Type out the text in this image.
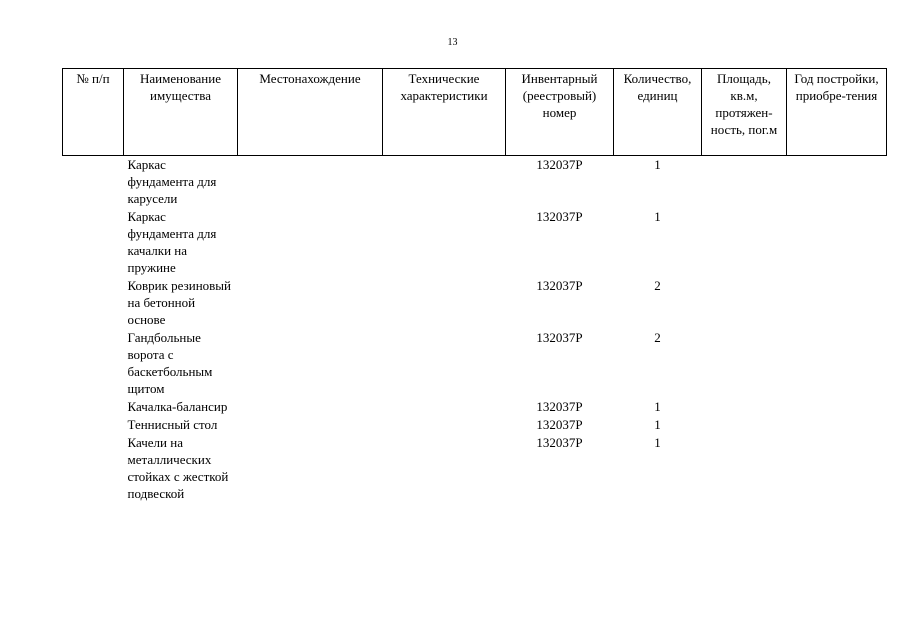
13
№ п/п	Наименование имущества	Местонахождение	Технические характеристики	Инвентарный (реестровый) номер	Количество, единиц	Площадь, кв.м, протяжен-ность, пог.м	Год постройки, приобре-тения
	Каркас фундамента для карусели			132037Р	1		
	Каркас фундамента для качалки на пружине			132037Р	1		
	Коврик резиновый на бетонной основе			132037Р	2		
	Гандбольные ворота с баскетбольным щитом			132037Р	2		
	Качалка-балансир			132037Р	1		
	Теннисный стол			132037Р	1		
	Качели на металлических стойках с жесткой подвеской			132037Р	1		
